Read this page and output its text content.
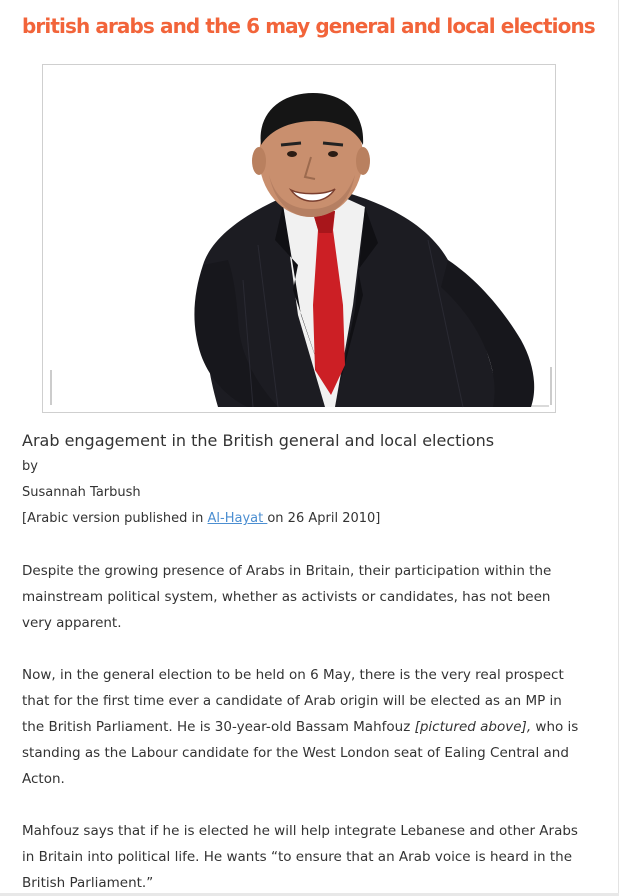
british arabs and the 6 may general and local elections
Arab engagement in the British general and local elections
by
Susannah Tarbush
[Arabic version published in Al-Hayat on 26 April 2010]

Despite the growing presence of Arabs in Britain, their participation within the mainstream political system, whether as activists or candidates, has not been very apparent.

Now, in the general election to be held on 6 May, there is the very real prospect that for the first time ever a candidate of Arab origin will be elected as an MP in the British Parliament. He is 30-year-old Bassam Mahfouz [pictured above], who is standing as the Labour candidate for the West London seat of Ealing Central and Acton.

Mahfouz says that if he is elected he will help integrate Lebanese and other Arabs in Britain into political life. He wants “to ensure that an Arab voice is heard in the British Parliament.”
